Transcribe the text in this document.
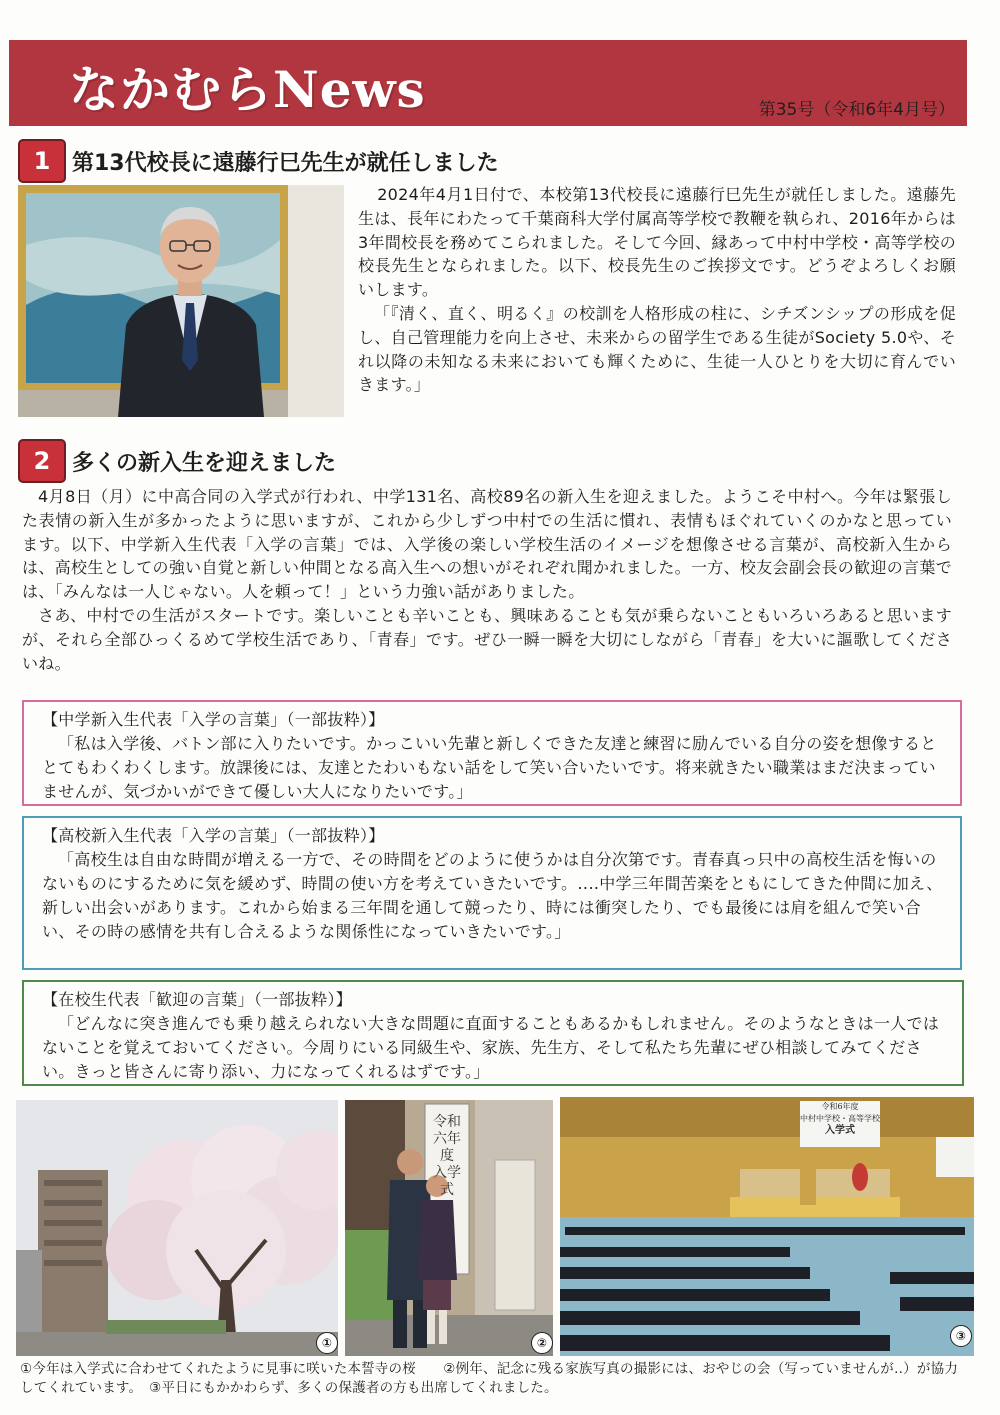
なかむらNews	第35号（令和6年4月号）
1 第13代校長に遠藤行巳先生が就任しました

2024年4月1日付で、本校第13代校長に遠藤行巳先生が就任しました。遠藤先生は、長年にわたって千葉商科大学付属高等学校で教鞭を執られ、2016年からは3年間校長を務めてこられました。そして今回、縁あって中村中学校・高等学校の校長先生となられました。以下、校長先生のご挨拶文です。どうぞよろしくお願いします。

「『清く、直く、明るく』の校訓を人格形成の柱に、シチズンシップの形成を促し、自己管理能力を向上させ、未来からの留学生である生徒がSociety 5.0や、それ以降の未知なる未来においても輝くために、生徒一人ひとりを大切に育んでいきます。」

2 多くの新入生を迎えました

4月8日（月）に中高合同の入学式が行われ、中学131名、高校89名の新入生を迎えました。ようこそ中村へ。今年は緊張した表情の新入生が多かったように思いますが、これから少しずつ中村での生活に慣れ、表情もほぐれていくのかなと思っています。以下、中学新入生代表「入学の言葉」では、入学後の楽しい学校生活のイメージを想像させる言葉が、高校新入生からは、高校生としての強い自覚と新しい仲間となる高入生への想いがそれぞれ聞かれました。一方、校友会副会長の歓迎の言葉では、「みんなは一人じゃない。人を頼って！」という力強い話がありました。

さあ、中村での生活がスタートです。楽しいことも辛いことも、興味あることも気が乗らないこともいろいろあると思いますが、それら全部ひっくるめて学校生活であり、「青春」です。ぜひ一瞬一瞬を大切にしながら「青春」を大いに謳歌してくださいね。

【中学新入生代表「入学の言葉」（一部抜粋）】

「私は入学後、バトン部に入りたいです。かっこいい先輩と新しくできた友達と練習に励んでいる自分の姿を想像するととてもわくわくします。放課後には、友達とたわいもない話をして笑い合いたいです。将来就きたい職業はまだ決まっていませんが、気づかいができて優しい大人になりたいです。」

【高校新入生代表「入学の言葉」（一部抜粋）】

「高校生は自由な時間が増える一方で、その時間をどのように使うかは自分次第です。青春真っ只中の高校生活を悔いのないものにするために気を緩めず、時間の使い方を考えていきたいです。‥‥中学三年間苦楽をともにしてきた仲間に加え、新しい出会いがあります。これから始まる三年間を通して競ったり、時には衝突したり、でも最後には肩を組んで笑い合い、その時の感情を共有し合えるような関係性になっていきたいです。」

【在校生代表「歓迎の言葉」（一部抜粋）】

「どんなに突き進んでも乗り越えられない大きな問題に直面することもあるかもしれません。そのようなときは一人ではないことを覚えておいてください。今周りにいる同級生や、家族、先生方、そして私たち先輩にぜひ相談してみてください。きっと皆さんに寄り添い、力になってくれるはずです。」

①
令和六年度 入学式
②
令和6年度
中村中学校・高等学校
入学式
③
①今年は入学式に合わせてくれたように見事に咲いた本誓寺の桜　　②例年、記念に残る家族写真の撮影には、おやじの会（写っていませんが‥）が協力してくれています。　③平日にもかかわらず、多くの保護者の方も出席してくれました。
